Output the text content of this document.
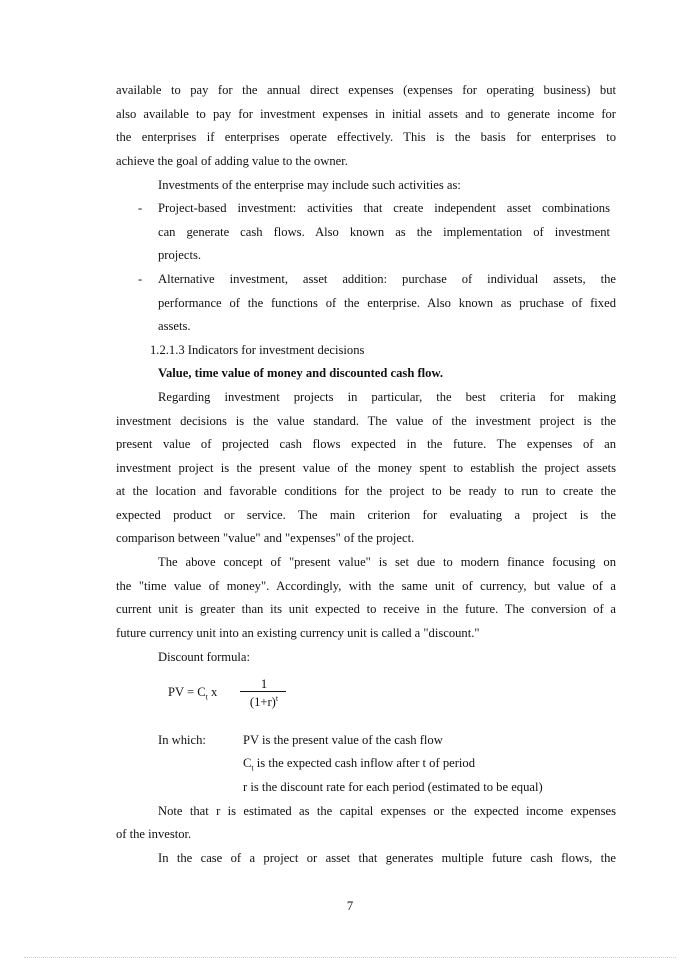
available to pay for the annual direct expenses (expenses for operating business) but
also available to pay for investment expenses in initial assets and to generate income for
the enterprises if enterprises operate effectively. This is the basis for enterprises to
achieve the goal of adding value to the owner.
Investments of the enterprise may include such activities as:
- Project-based investment: activities that create independent asset combinations
can generate cash flows. Also known as the implementation of investment
projects.
- Alternative investment, asset addition: purchase of individual assets, the
performance of the functions of the enterprise. Also known as pruchase of fixed
assets.
1.2.1.3 Indicators for investment decisions
Value, time value of money and discounted cash flow.
Regarding investment projects in particular, the best criteria for making
investment decisions is the value standard. The value of the investment project is the
present value of projected cash flows expected in the future. The expenses of an
investment project is the present value of the money spent to establish the project assets
at the location and favorable conditions for the project to be ready to run to create the
expected product or service. The main criterion for evaluating a project is the
comparison between "value" and "expenses" of the project.
The above concept of "present value" is set due to modern finance focusing on
the "time value of money". Accordingly, with the same unit of currency, but value of a
current unit is greater than its unit expected to receive in the future. The conversion of a
future currency unit into an existing currency unit is called a "discount."
Discount formula:
PV = $C_t$ x
1
$(1+r)^t$
In which:	PV is the present value of the cash flow
$C_t$ is the expected cash inflow after t of period
r is the discount rate for each period (estimated to be equal)
Note that r is estimated as the capital expenses or the expected income expenses
of the investor.
In the case of a project or asset that generates multiple future cash flows, the
7
